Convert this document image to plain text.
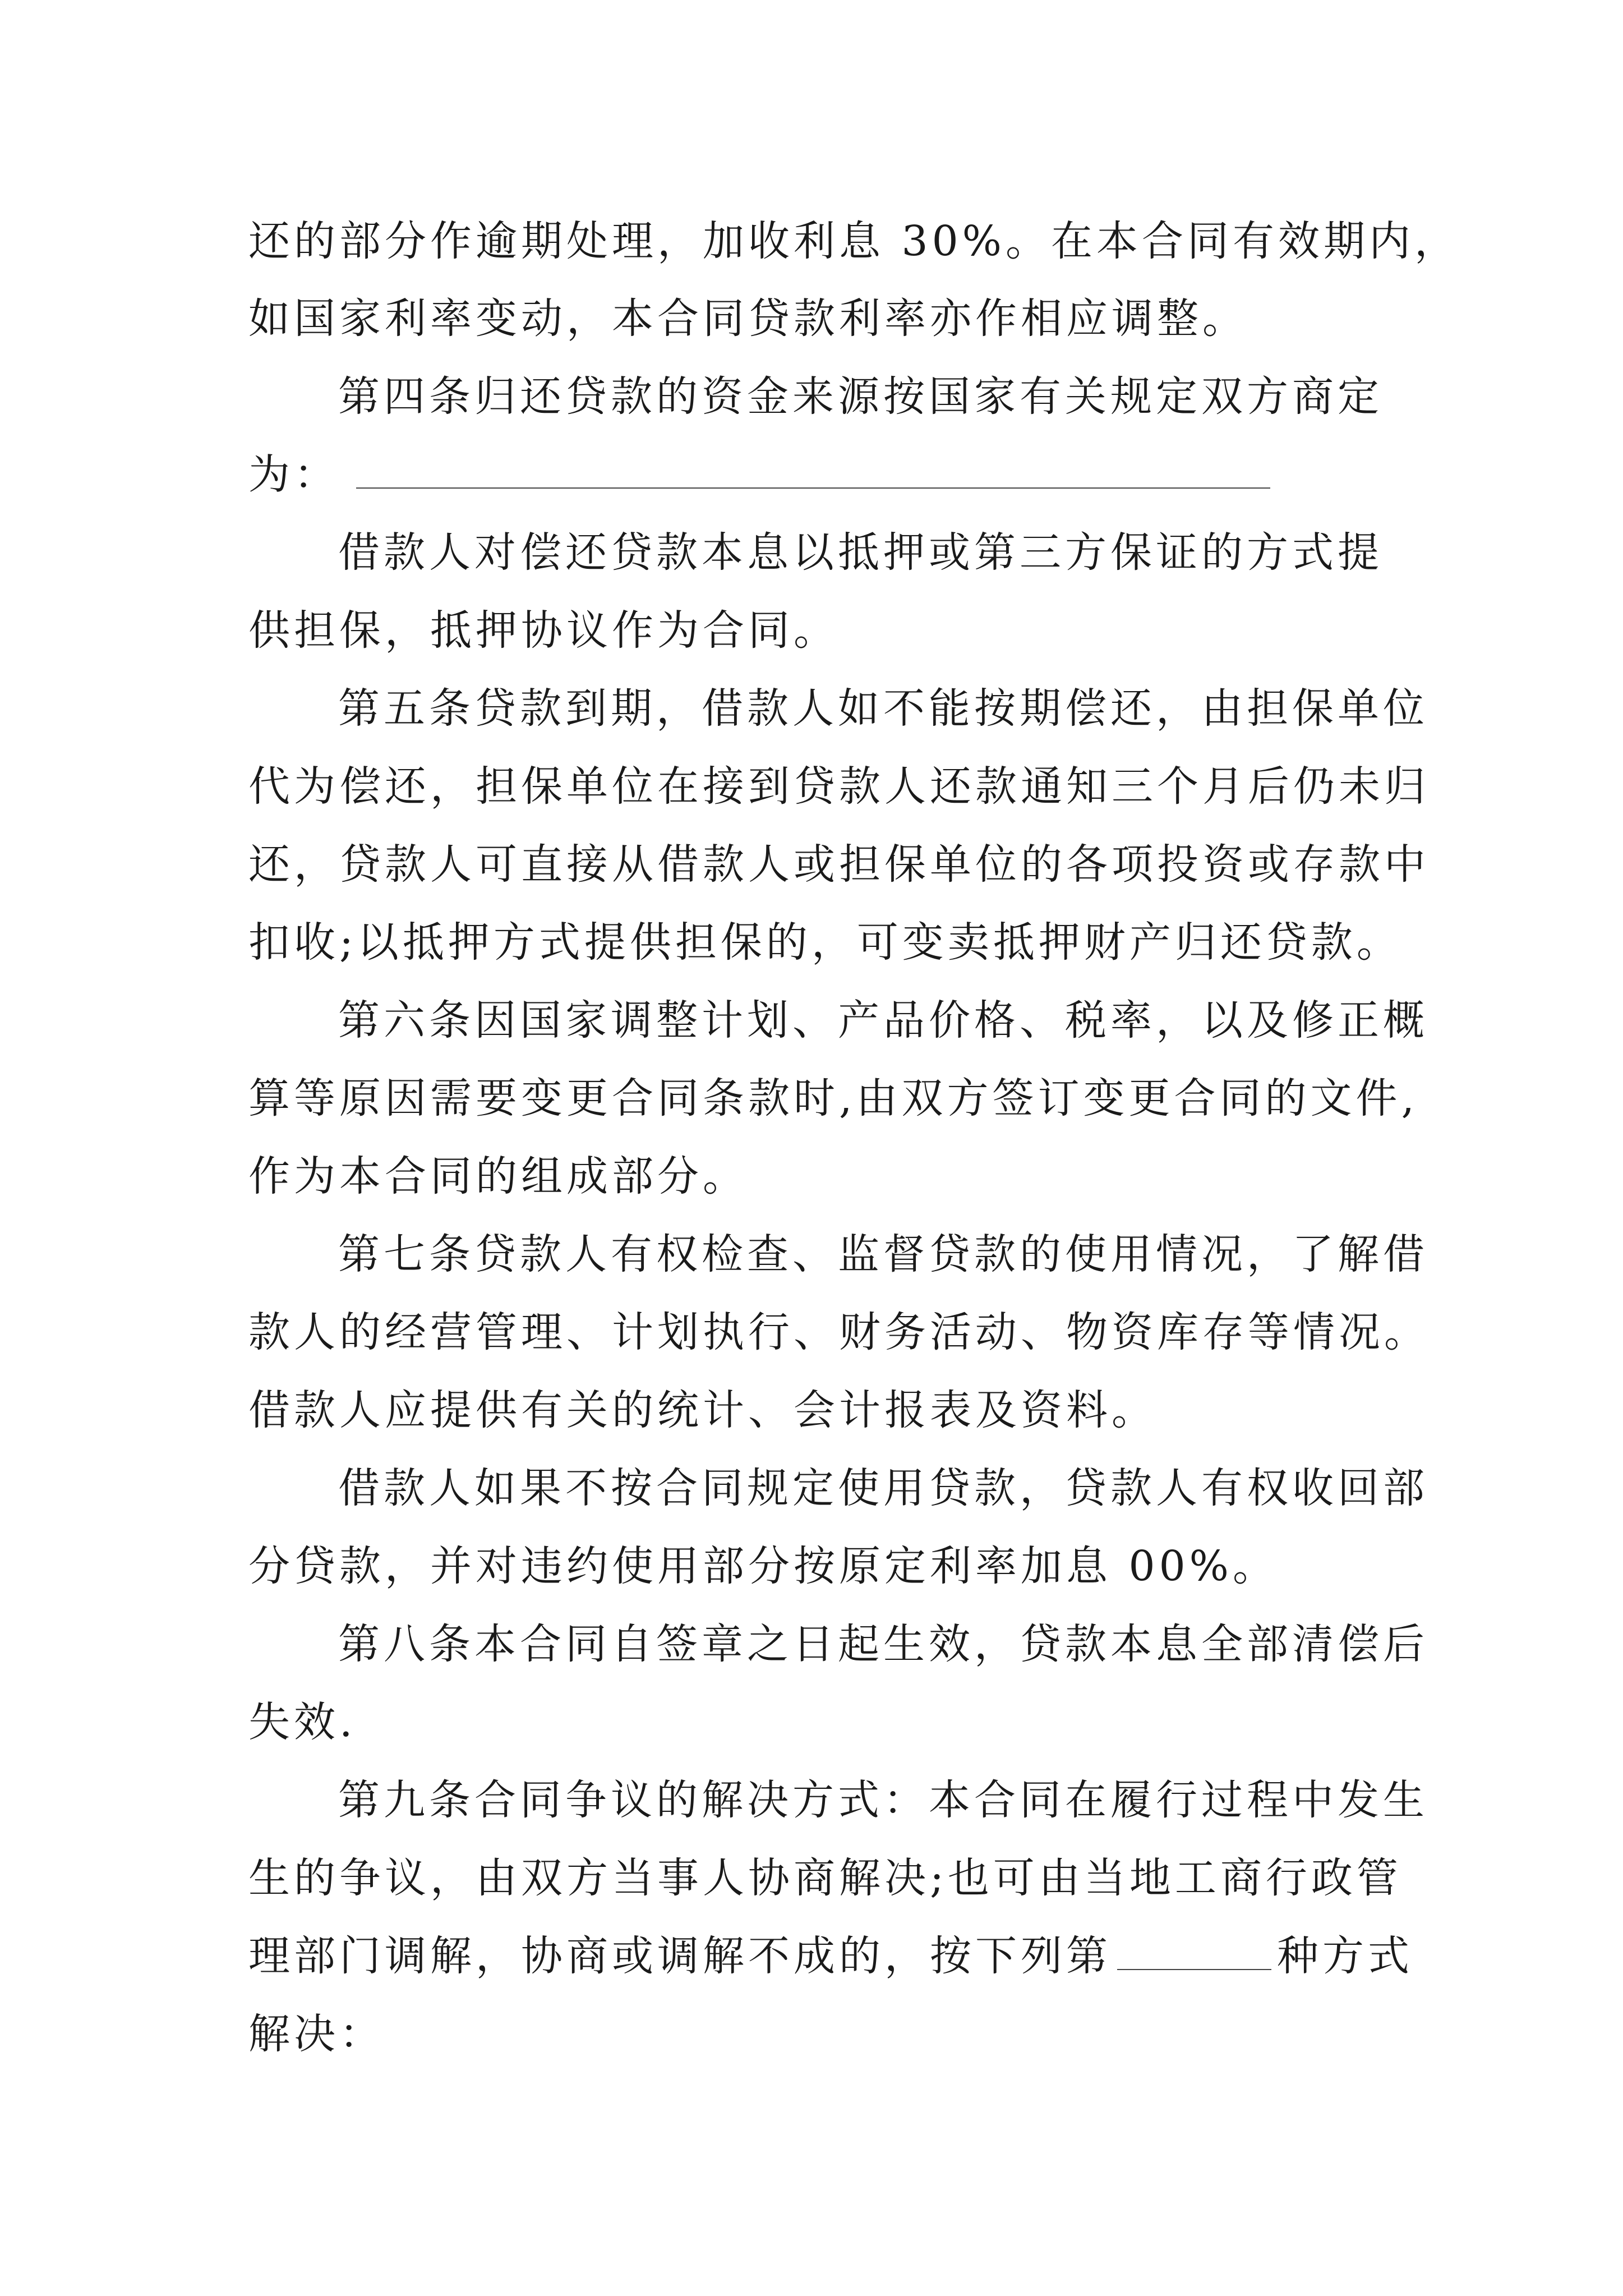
还的部分作逾期处理，加收利息 30%。在本合同有效期内，
如国家利率变动，本合同贷款利率亦作相应调整。
第四条归还贷款的资金来源按国家有关规定双方商定
为：
借款人对偿还贷款本息以抵押或第三方保证的方式提
供担保，抵押协议作为合同。
第五条贷款到期，借款人如不能按期偿还，由担保单位
代为偿还，担保单位在接到贷款人还款通知三个月后仍未归
还，贷款人可直接从借款人或担保单位的各项投资或存款中
扣收;以抵押方式提供担保的，可变卖抵押财产归还贷款。
第六条因国家调整计划、产品价格、税率，以及修正概
算等原因需要变更合同条款时,由双方签订变更合同的文件,
作为本合同的组成部分。
第七条贷款人有权检查、监督贷款的使用情况，了解借
款人的经营管理、计划执行、财务活动、物资库存等情况。
借款人应提供有关的统计、会计报表及资料。
借款人如果不按合同规定使用贷款，贷款人有权收回部
分贷款，并对违约使用部分按原定利率加息 00%。
第八条本合同自签章之日起生效，贷款本息全部清偿后
失效.
第九条合同争议的解决方式：本合同在履行过程中发生
生的争议，由双方当事人协商解决;也可由当地工商行政管
理部门调解，协商或调解不成的，按下列第	种方式
解决：
